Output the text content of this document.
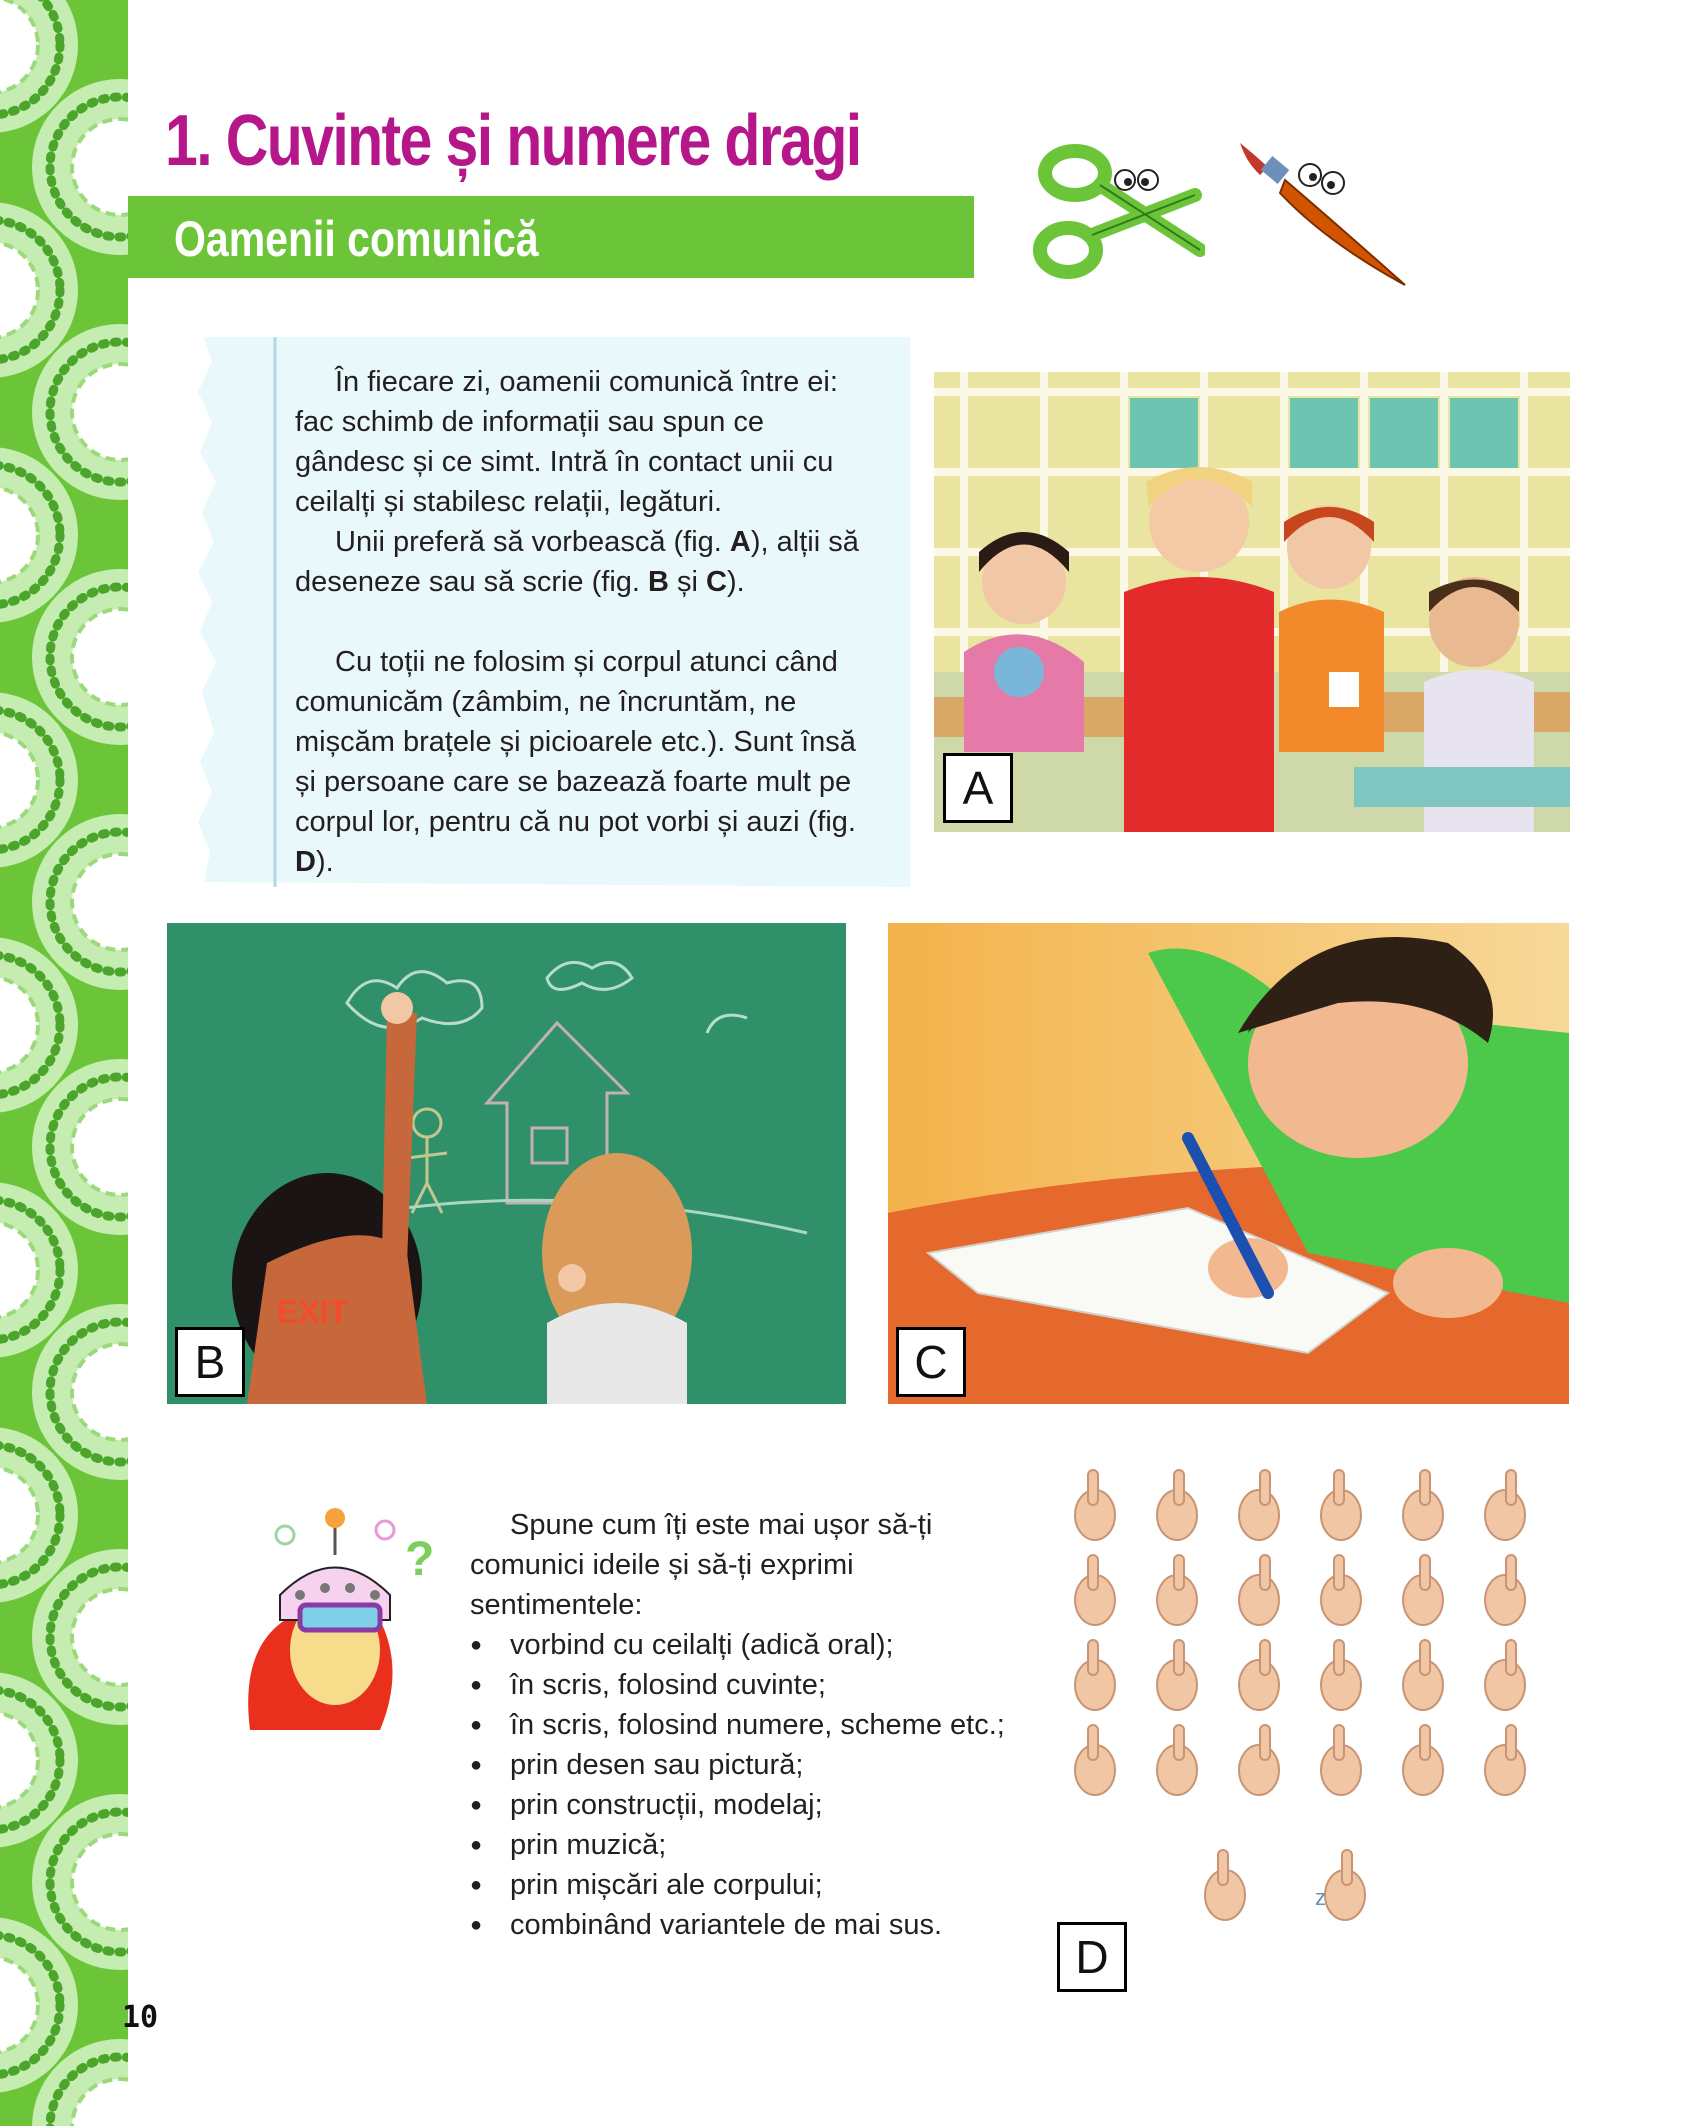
1. Cuvinte și numere dragi
Oamenii comunică

În fiecare zi, oamenii comunică între ei: fac schimb de informații sau spun ce gândesc și ce simt. Intră în contact unii cu ceilalți și stabilesc relații, legături.

Unii preferă să vorbească (fig. A), alții să deseneze sau să scrie (fig. B și C).

Cu toții ne folosim și corpul atunci când comunicăm (zâmbim, ne încruntăm, ne mișcăm brațele și picioarele etc.). Sunt însă și persoane care se bazează foarte mult pe corpul lor, pentru că nu pot vorbi și auzi (fig. D).

A
EXIT
B	C
?

Spune cum îți este mai ușor să-ți comunici ideile și să-ți exprimi sentimentele:

● vorbind cu ceilalți (adică oral);
● în scris, folosind cuvinte;
● în scris, folosind numere, scheme etc.;
● prin desen sau pictură;
● prin construcții, modelaj;
● prin muzică;
● prin mișcări ale corpului;
● combinând variantele de mai sus.
z
D
10
